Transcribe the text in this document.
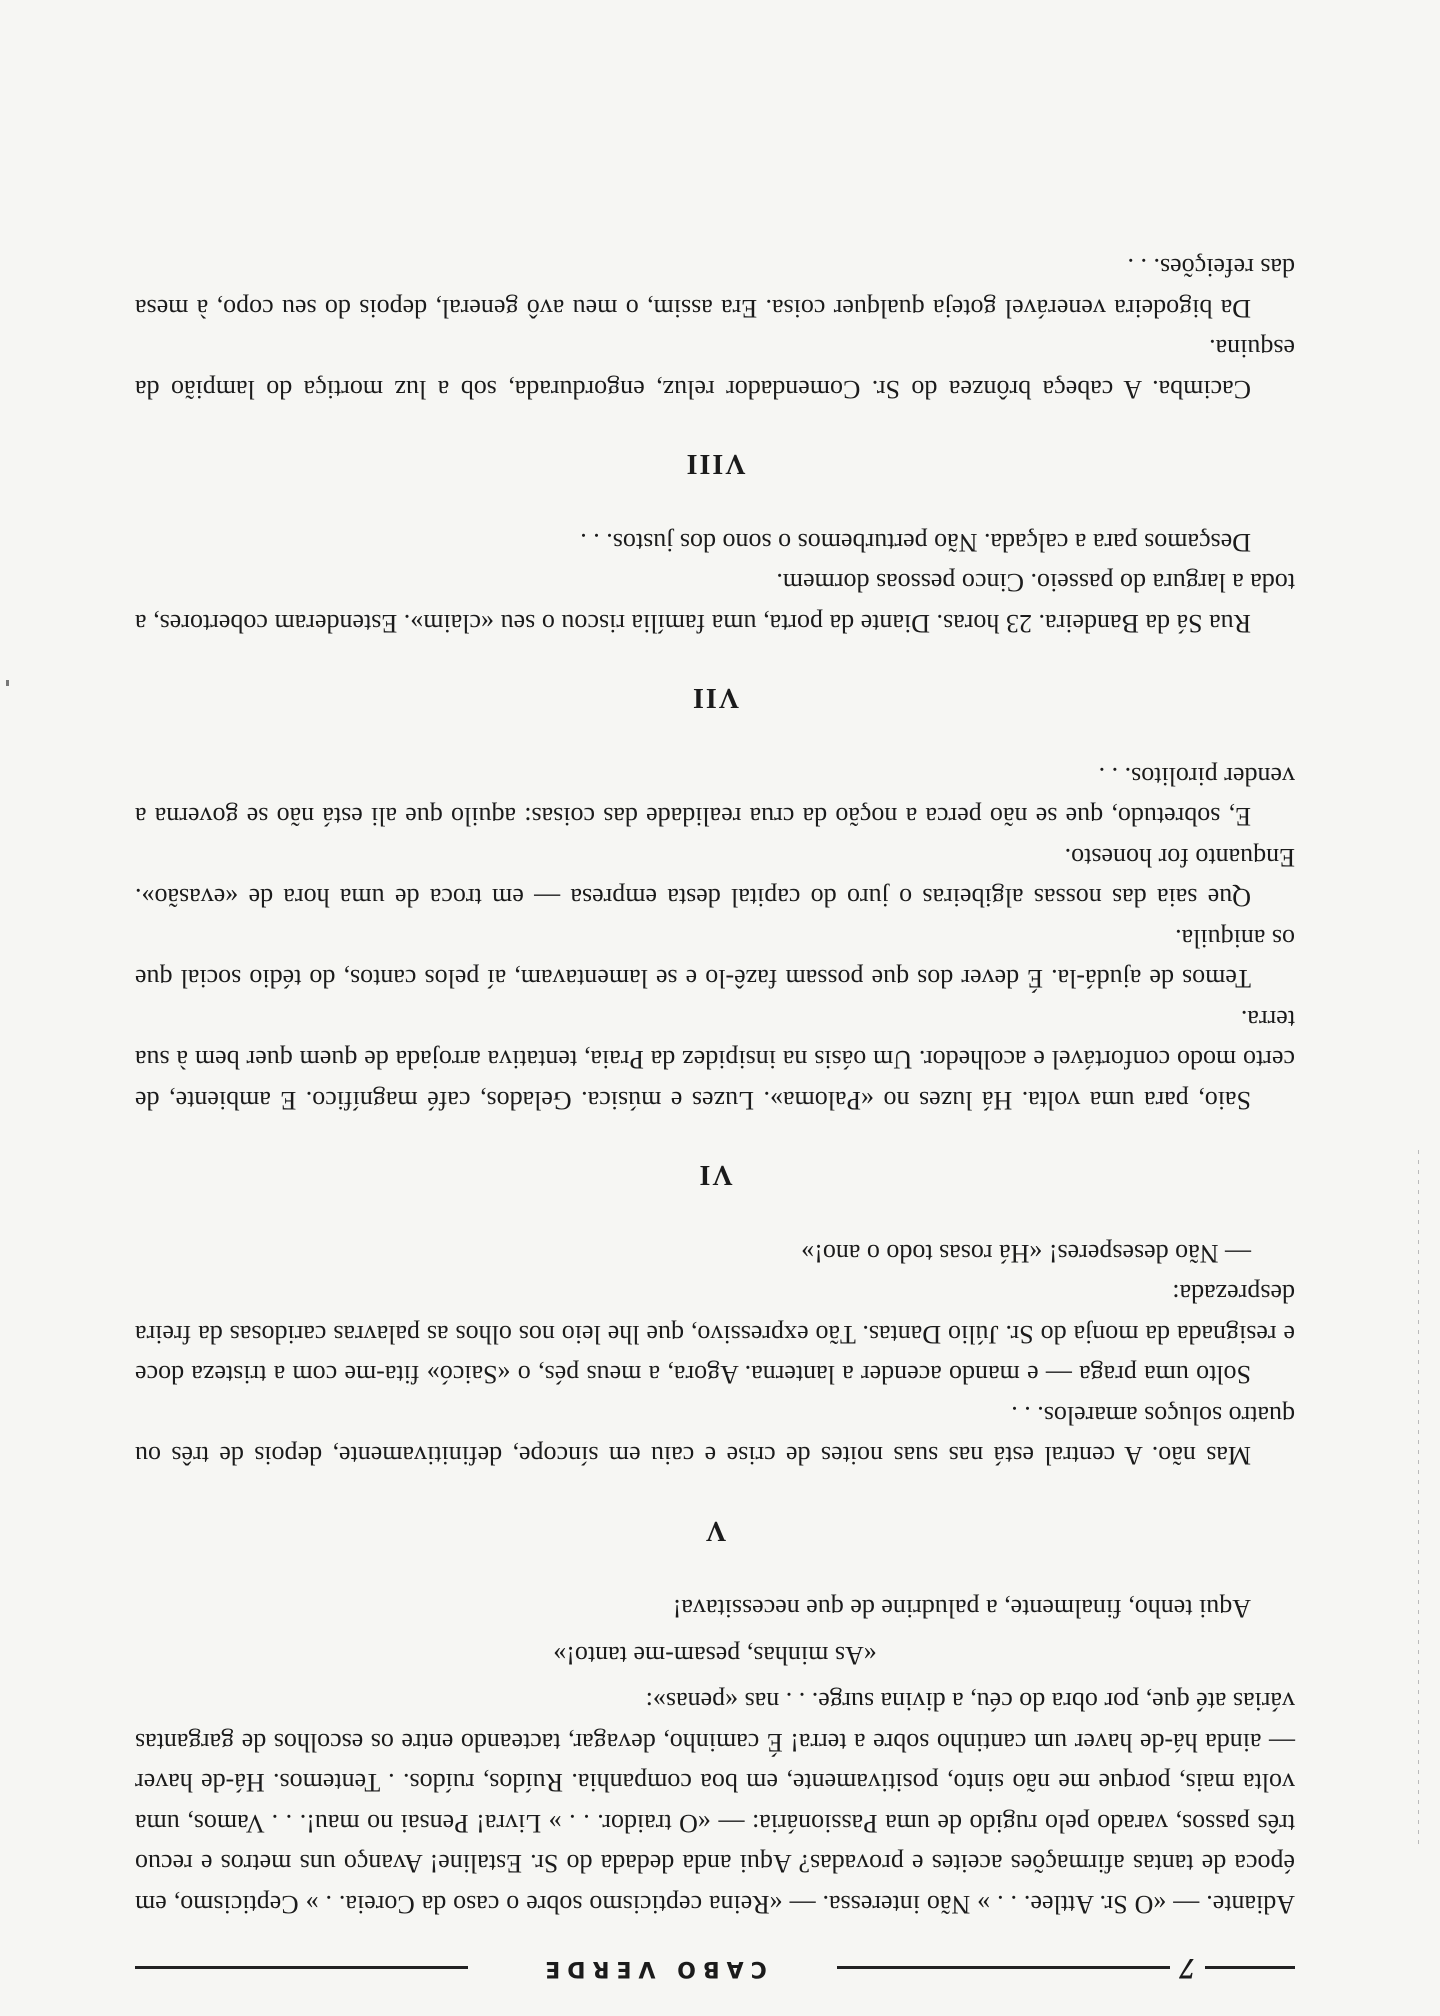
7
CABO VERDE

Adiante. — «O Sr. Attlee. . . » Não interessa. — «Reina cepticismo sobre o caso da Coreia. . » Cepticismo, em época de tantas afirmações aceites e provadas? Aqui anda dedada do Sr. Estaline! Avanço uns metros e recuo três passos, varado pelo rugido de uma Passionária: — «O traidor. . . » Livra! Pensai no mau!. . . Vamos, uma volta mais, porque me não sinto, positivamente, em boa companhia. Ruídos, ruídos. . Tentemos. Há-de haver — ainda há-de haver um cantinho sobre a terra! É caminho, devagar, tacteando entre os escolhos de gargantas várias até que, por obra do céu, a divina surge. . . nas «penas»:

«As minhas, pesam-me tanto!»

Aqui tenho, finalmente, a paludrine de que necessitava!

V

Mas não. A central está nas suas noites de crise e caiu em síncope, definitivamente, depois de três ou quatro soluços amarelos. . .

Solto uma praga — e mando acender a lanterna. Agora, a meus pés, o «Saicó» fita-me com a tristeza doce e resignada da monja do Sr. Júlio Dantas. Tão expressivo, que lhe leio nos olhos as palavras caridosas da freira desprezada:

— Não desesperes! «Há rosas todo o ano!»

VI

Saio, para uma volta. Há luzes no «Paloma». Luzes e música. Gelados, café magnífico. E ambiente, de certo modo confortável e acolhedor. Um oásis na insipidez da Praia, tentativa arrojada de quem quer bem à sua terra.

Temos de ajudá-la. É dever dos que possam fazê-lo e se lamentavam, aí pelos cantos, do tédio social que os aniquila.

Que saia das nossas algibeiras o juro do capital desta empresa — em troca de uma hora de «evasão». Enquanto for honesto.

E, sobretudo, que se não perca a noção da crua realidade das coisas: aquilo que ali está não se governa a vender pirolitos. . .

VII

Rua Sá da Bandeira. 23 horas. Diante da porta, uma família riscou o seu «claim». Estenderam cobertores, a toda a largura do passeio. Cinco pessoas dormem.

Desçamos para a calçada. Não perturbemos o sono dos justos. . .

VIII

Cacimba. A cabeça brônzea do Sr. Comendador reluz, engordurada, sob a luz mortiça do lampião da esquina.

Da bigodeira venerável goteja qualquer coisa. Era assim, o meu avô general, depois do seu copo, à mesa das refeições. . .
